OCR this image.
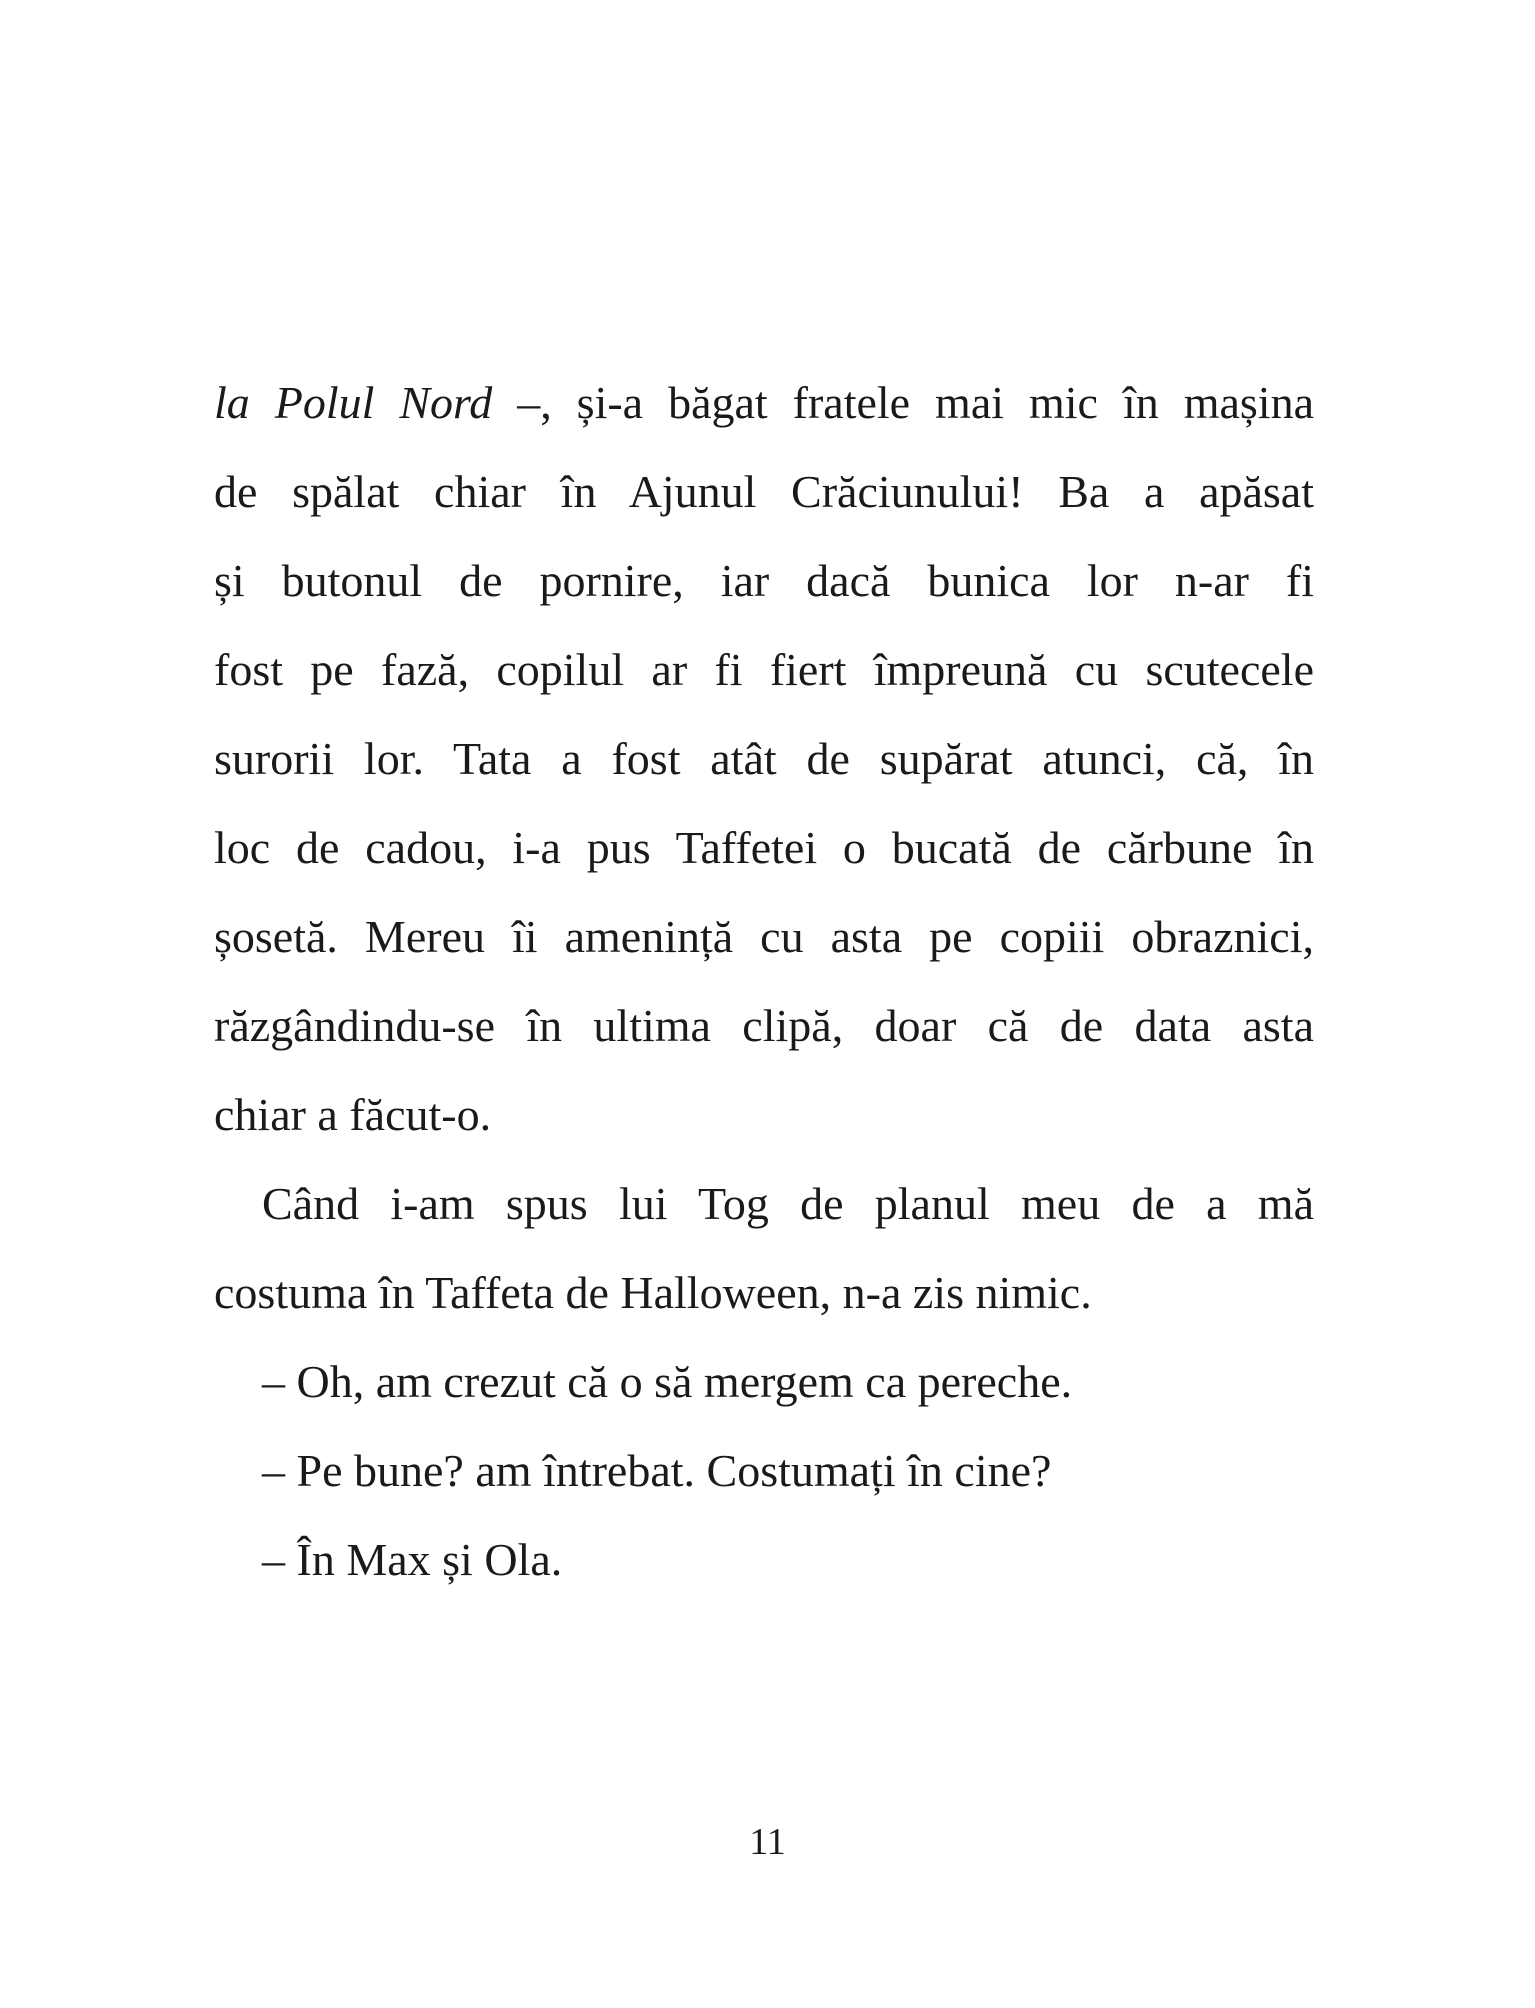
la Polul Nord –, și-a băgat fratele mai mic în mașina
de spălat chiar în Ajunul Crăciunului! Ba a apăsat
și butonul de pornire, iar dacă bunica lor n-ar fi
fost pe fază, copilul ar fi fiert împreună cu scutecele
surorii lor. Tata a fost atât de supărat atunci, că, în
loc de cadou, i-a pus Taffetei o bucată de cărbune în
șosetă. Mereu îi amenință cu asta pe copiii obraznici,
răzgândindu-se în ultima clipă, doar că de data asta
chiar a făcut-o.
Când i-am spus lui Tog de planul meu de a mă
costuma în Taffeta de Halloween, n-a zis nimic.
– Oh, am crezut că o să mergem ca pereche.
– Pe bune? am întrebat. Costumați în cine?
– În Max și Ola.
11
